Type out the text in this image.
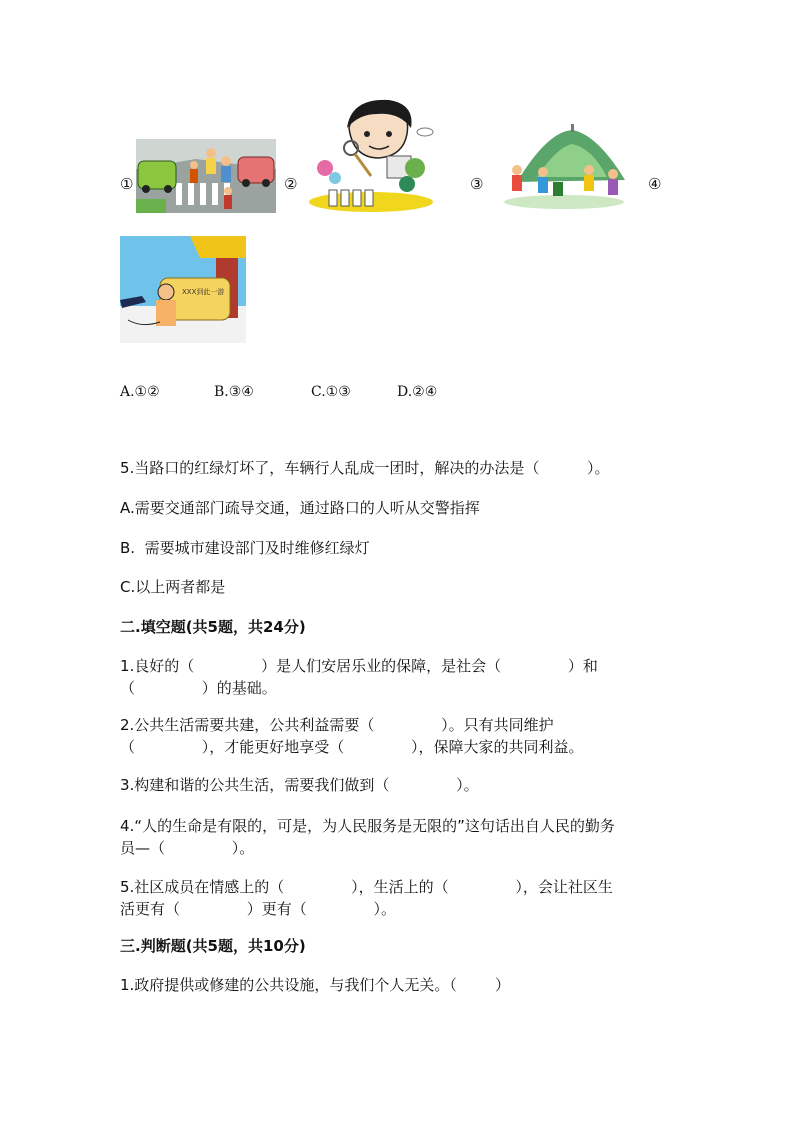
XXX到此一游
①	②	③	④
A.①②	B.③④	C.①③	D.②④
5.当路口的红绿灯坏了，车辆行人乱成一团时，解决的办法是（          ）。
A.需要交通部门疏导交通，通过路口的人听从交警指挥
B.  需要城市建设部门及时维修红绿灯
C.以上两者都是
二.填空题(共5题，共24分)
1.良好的（              ）是人们安居乐业的保障，是社会（              ）和
（              ）的基础。
2.公共生活需要共建，公共利益需要（              ）。只有共同维护
（              ），才能更好地享受（              ），保障大家的共同利益。
3.构建和谐的公共生活，需要我们做到（              ）。
4.“人的生命是有限的，可是，为人民服务是无限的”这句话出自人民的勤务
员—（              ）。
5.社区成员在情感上的（              ），生活上的（              ），会让社区生
活更有（              ）更有（              ）。
三.判断题(共5题，共10分)
1.政府提供或修建的公共设施，与我们个人无关。（        ）
